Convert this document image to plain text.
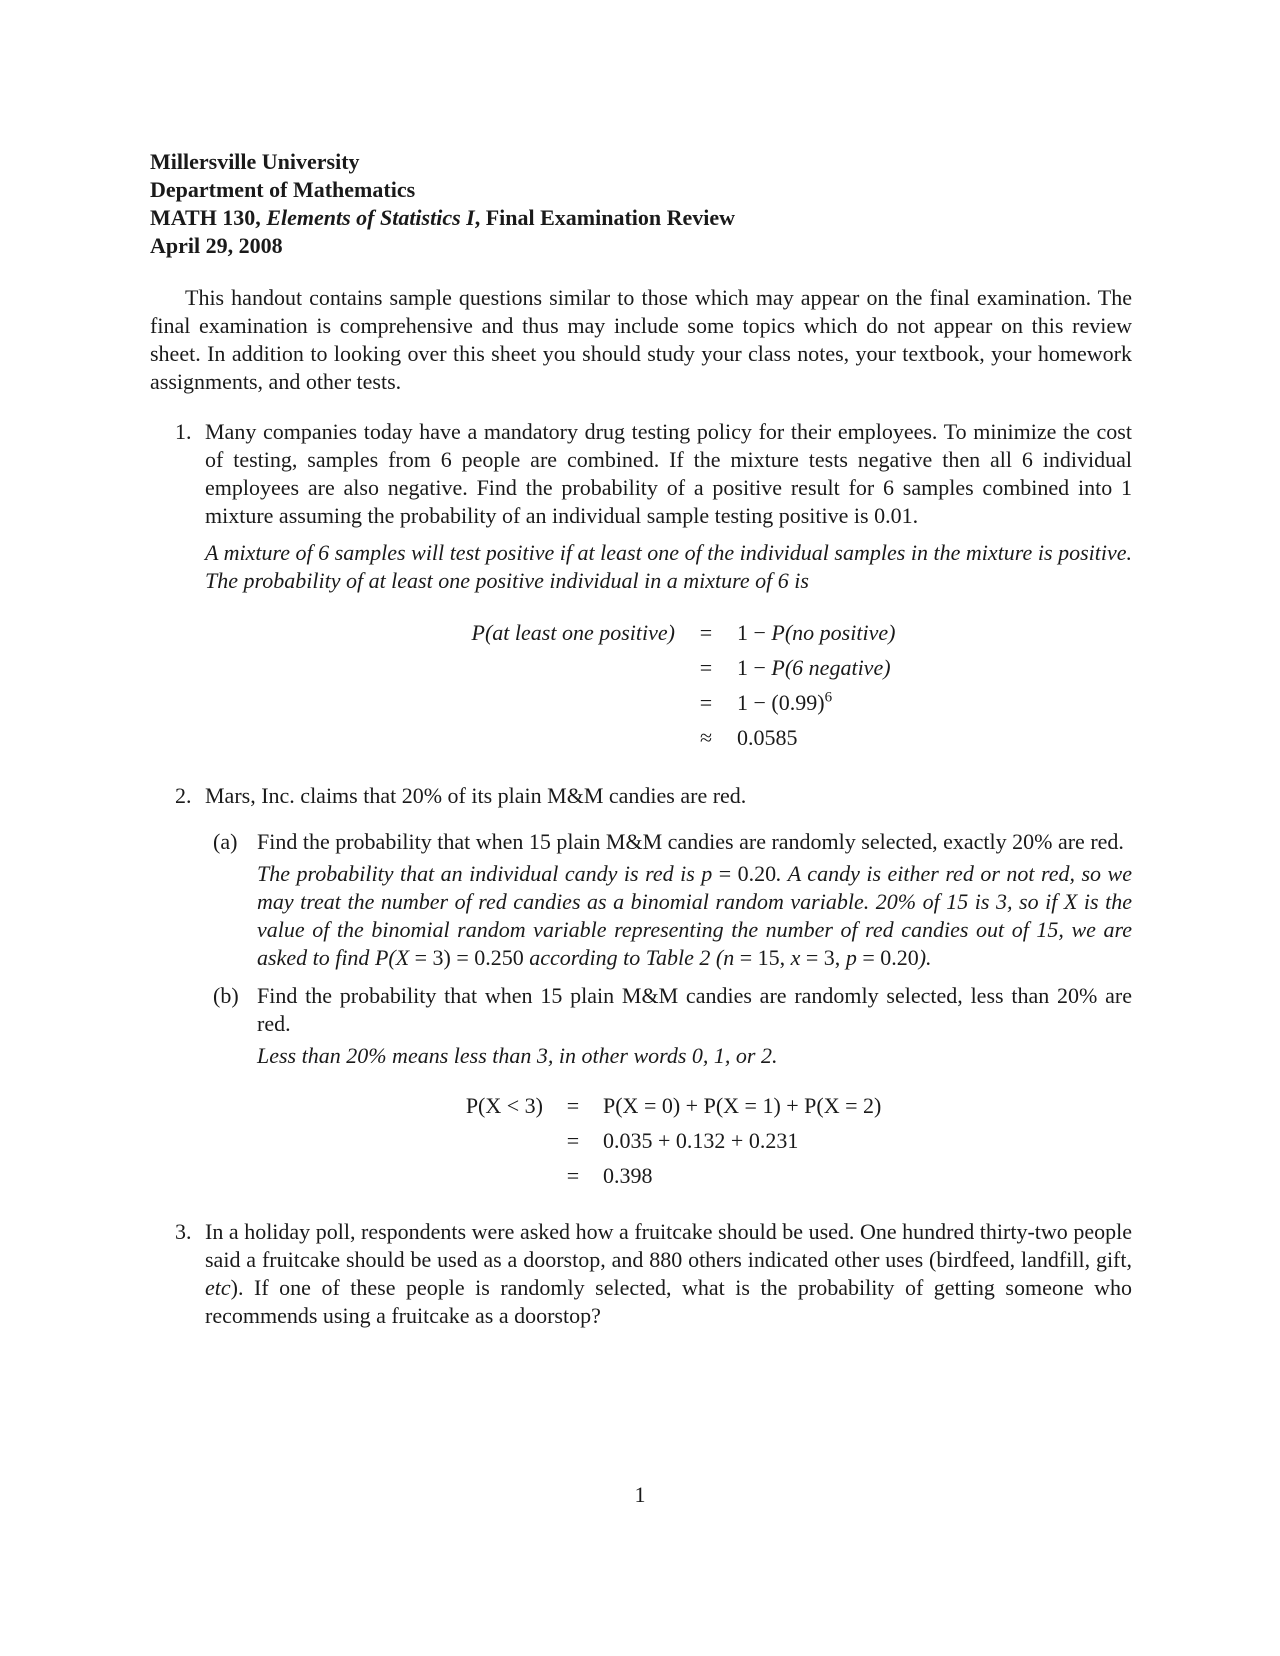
Millersville University

Department of Mathematics

MATH 130, Elements of Statistics I, Final Examination Review

April 29, 2008

This handout contains sample questions similar to those which may appear on the final examination. The final examination is comprehensive and thus may include some topics which do not appear on this review sheet. In addition to looking over this sheet you should study your class notes, your textbook, your homework assignments, and other tests.

1. Many companies today have a mandatory drug testing policy for their employees. To minimize the cost of testing, samples from 6 people are combined. If the mixture tests negative then all 6 individual employees are also negative. Find the probability of a positive result for 6 samples combined into 1 mixture assuming the probability of an individual sample testing positive is 0.01.
A mixture of 6 samples will test positive if at least one of the individual samples in the mixture is positive. The probability of at least one positive individual in a mixture of 6 is
P(at least one positive)	=	1 − P(no positive)
=	1 − P(6 negative)
=	$1 - (0.99)^6$
≈	0.0585
2. Mars, Inc. claims that 20% of its plain M&M candies are red.
(a) Find the probability that when 15 plain M&M candies are randomly selected, exactly 20% are red.
The probability that an individual candy is red is p = 0.20. A candy is either red or not red, so we may treat the number of red candies as a binomial random variable. 20% of 15 is 3, so if X is the value of the binomial random variable representing the number of red candies out of 15, we are asked to find P(X = 3) = 0.250 according to Table 2 (n = 15, x = 3, p = 0.20).
(b) Find the probability that when 15 plain M&M candies are randomly selected, less than 20% are red.
Less than 20% means less than 3, in other words 0, 1, or 2.
P(X < 3)	=	P(X = 0) + P(X = 1) + P(X = 2)
=	0.035 + 0.132 + 0.231
=	0.398
3. In a holiday poll, respondents were asked how a fruitcake should be used. One hundred thirty-two people said a fruitcake should be used as a doorstop, and 880 others indicated other uses (birdfeed, landfill, gift, etc). If one of these people is randomly selected, what is the probability of getting someone who recommends using a fruitcake as a doorstop?
1
